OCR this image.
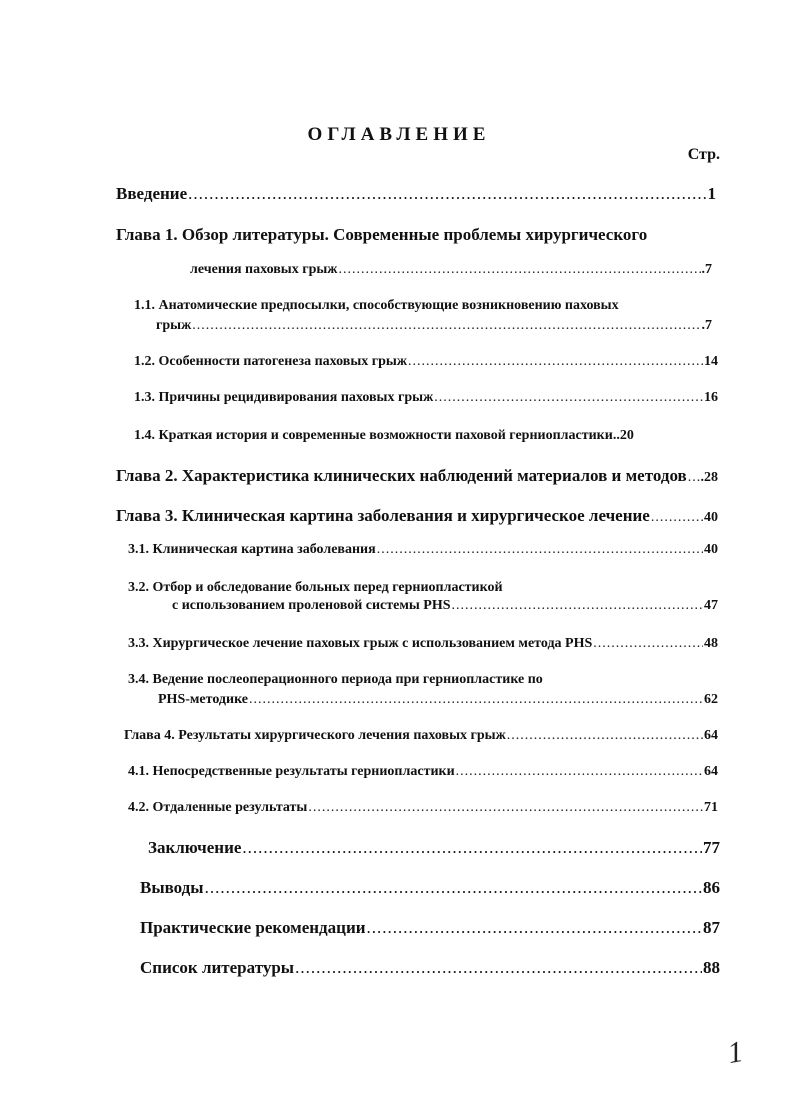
ОГЛАВЛЕНИЕ
Стр.
Введение .....	1
Глава 1. Обзор литературы. Современные проблемы хирургического
лечения паховых грыж .....	.7
1.1. Анатомические предпосылки, способствующие возникновению паховых
грыж .....	.7
1.2. Особенности патогенеза паховых грыж .....	14
1.3. Причины рецидивирования паховых грыж .....	16
1.4. Краткая история и современные возможности паховой герниопластики ..20
Глава 2. Характеристика клинических наблюдений материалов и методов ..... .28
Глава 3. Клиническая картина заболевания и хирургическое лечение .....	40
3.1. Клиническая картина заболевания .....	40
3.2. Отбор и обследование больных перед герниопластикой
с использованием проленовой системы PHS .....	47
3.3. Хирургическое лечение паховых грыж с использованием метода PHS .....	48
3.4. Ведение послеоперационного периода при герниопластике по
PHS-методике .....	62
Глава 4. Результаты хирургического лечения паховых грыж .....	64
4.1. Непосредственные результаты герниопластики .....	64
4.2. Отдаленные результаты .....	71
Заключение .....	77
Выводы .....	86
Практические рекомендации .....	87
Список литературы .....	88
1
